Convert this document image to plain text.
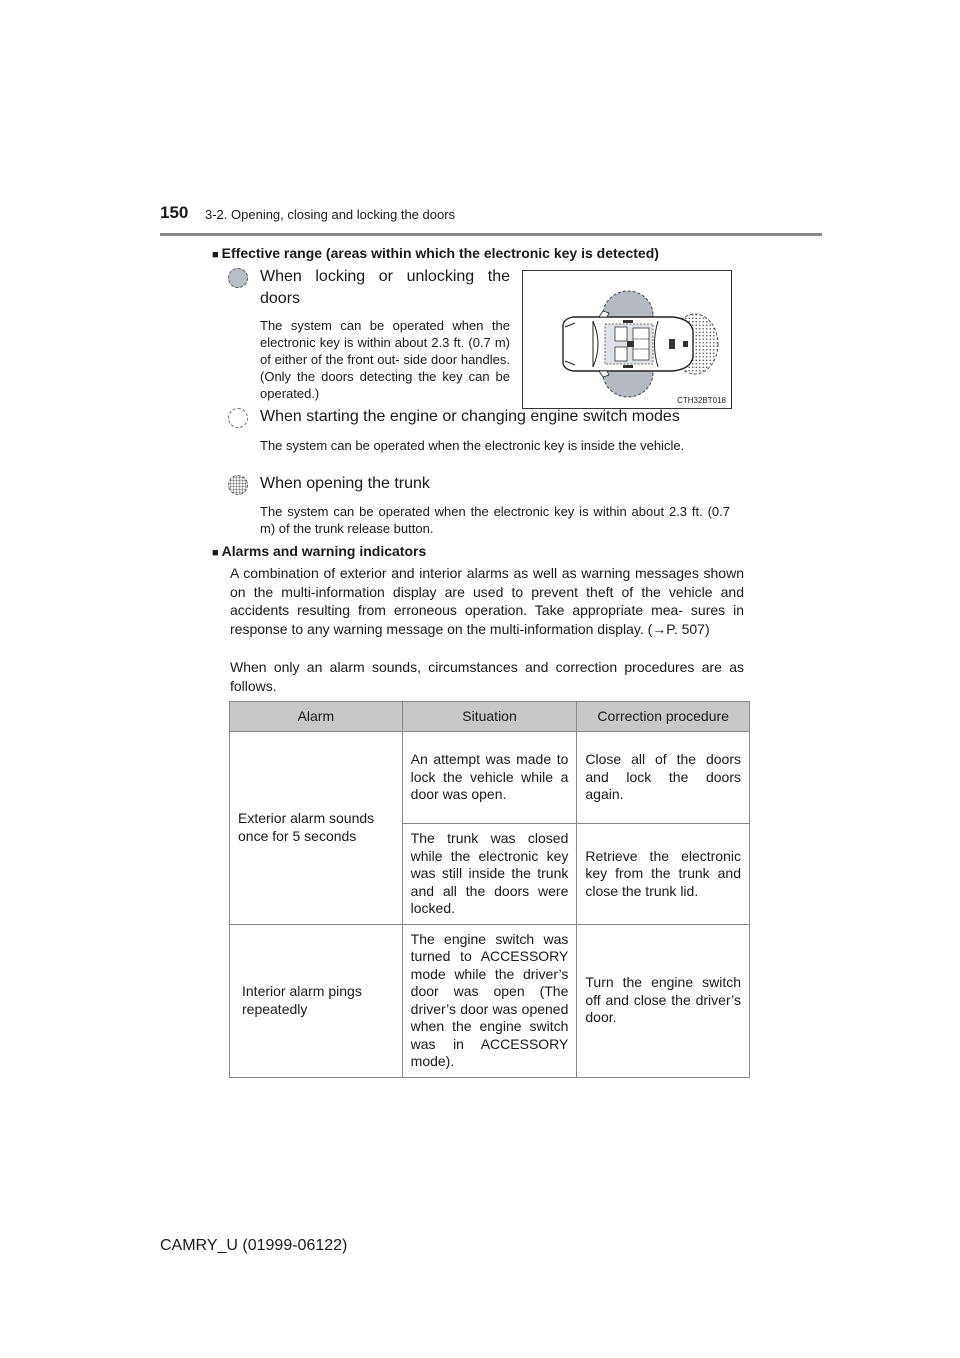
150 3-2. Opening, closing and locking the doors
■ Effective range (areas within which the electronic key is detected)
When locking or unlocking the doors
The system can be operated when the electronic key is within about 2.3 ft. (0.7 m) of either of the front out- side door handles. (Only the doors detecting the key can be operated.)	CTH32BT018
When starting the engine or changing engine switch modes
The system can be operated when the electronic key is inside the vehicle.
When opening the trunk
The system can be operated when the electronic key is within about 2.3 ft. (0.7 m) of the trunk release button.
■ Alarms and warning indicators
A combination of exterior and interior alarms as well as warning messages shown on the multi-information display are used to prevent theft of the vehicle and accidents resulting from erroneous operation. Take appropriate mea- sures in response to any warning message on the multi-information display. (→P. 507)
When only an alarm sounds, circumstances and correction procedures are as follows.
Alarm	Situation	Correction procedure
Exterior alarm sounds once for 5 seconds	An attempt was made to lock the vehicle while a door was open.	Close all of the doors and lock the doors again.
	The trunk was closed while the electronic key was still inside the trunk and all the doors were locked.	Retrieve the electronic key from the trunk and close the trunk lid.
Interior alarm pings repeatedly	The engine switch was turned to ACCESSORY mode while the driver’s door was open (The driver’s door was opened when the engine switch was in ACCESSORY mode).	Turn the engine switch off and close the driver’s door.
CAMRY_U (01999-06122)
